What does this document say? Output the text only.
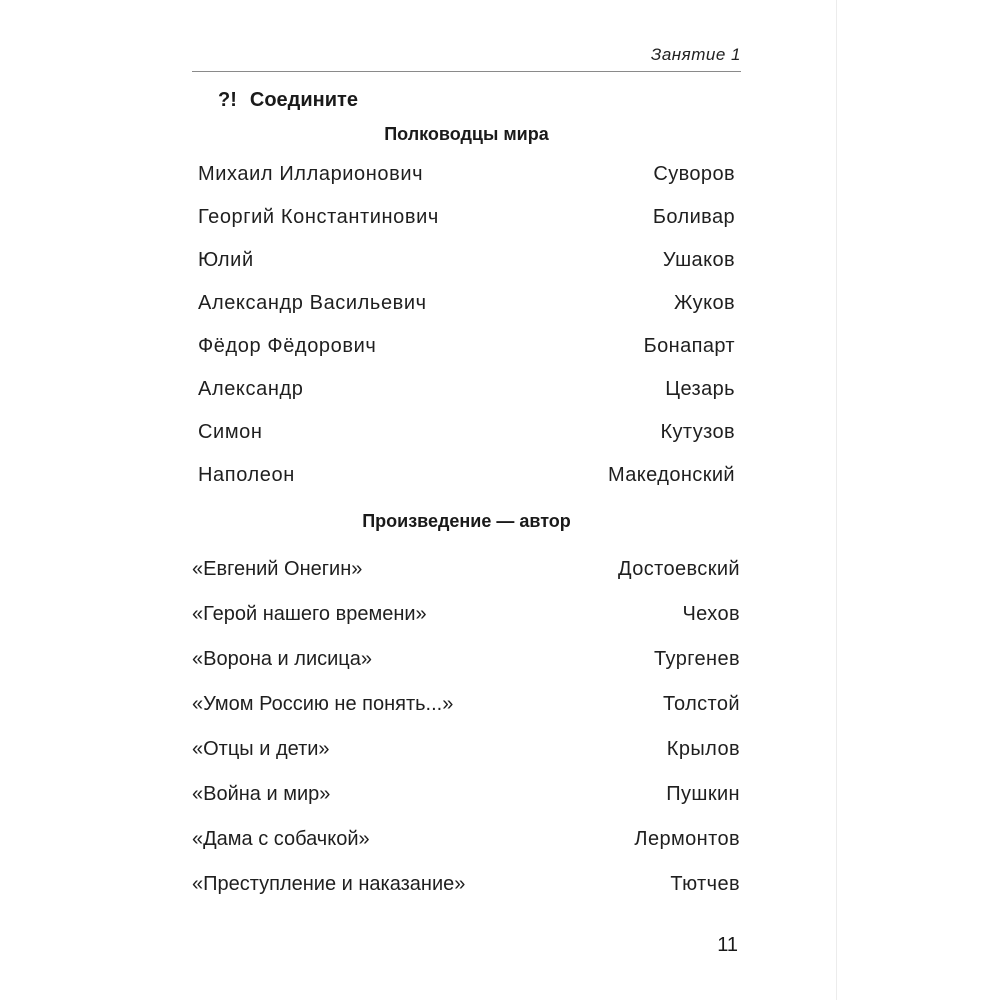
Занятие 1
?! Соедините
Полководцы мира
Михаил Илларионович
Георгий Константинович
Юлий
Александр Васильевич
Фёдор Фёдорович
Александр
Симон
Наполеон
Суворов
Боливар
Ушаков
Жуков
Бонапарт
Цезарь
Кутузов
Македонский
Произведение — автор
«Евгений Онегин»
«Герой нашего времени»
«Ворона и лисица»
«Умом Россию не понять...»
«Отцы и дети»
«Война и мир»
«Дама с собачкой»
«Преступление и наказание»
Достоевский
Чехов
Тургенев
Толстой
Крылов
Пушкин
Лермонтов
Тютчев
11
